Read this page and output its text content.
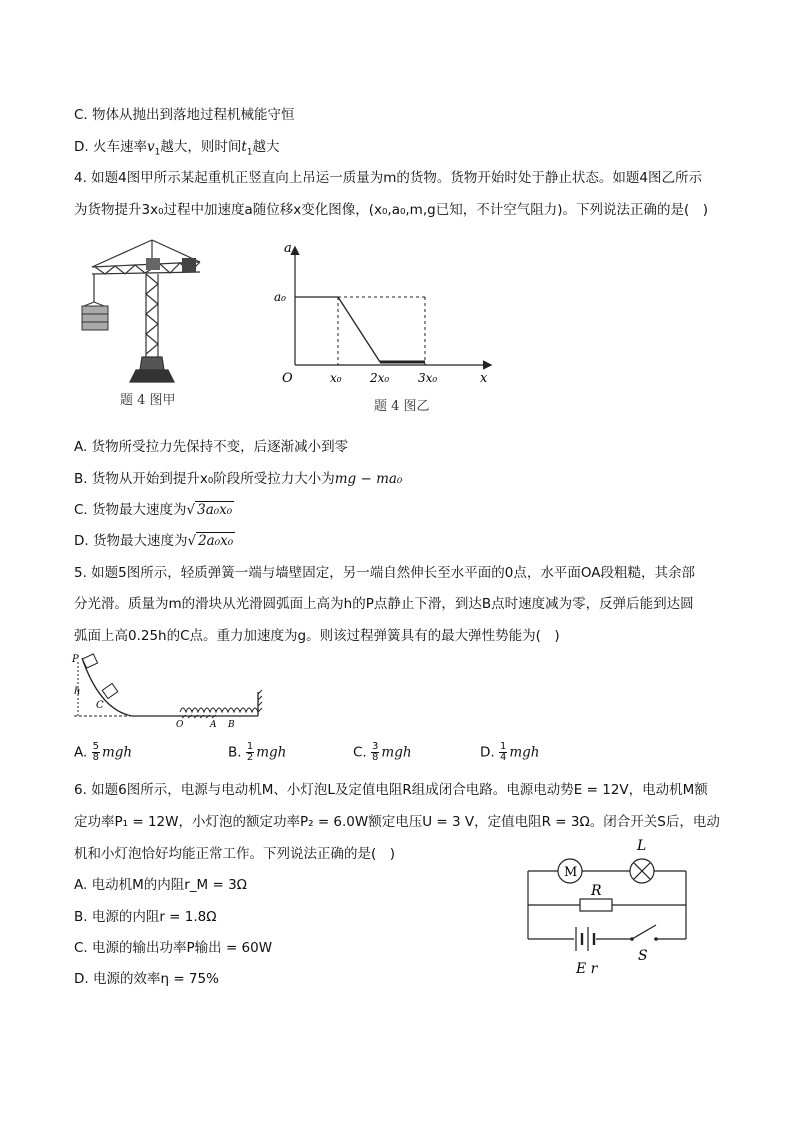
C. 物体从抛出到落地过程机械能守恒
D. 火车速率$v_1$越大，则时间$t_1$越大
4. 如题4图甲所示某起重机正竖直向上吊运一质量为m的货物。货物开始时处于静止状态。如题4图乙所示
为货物提升3x₀过程中加速度a随位移x变化图像，(x₀,a₀,m,g已知，不计空气阻力)。下列说法正确的是(　)
题 4 图甲
a
x
O
a₀
x₀ 2x₀ 3x₀
题 4 图乙
A. 货物所受拉力先保持不变，后逐渐减小到零
B. 货物从开始到提升x₀阶段所受拉力大小为mg − ma₀
C. 货物最大速度为√ 3a₀x₀
D. 货物最大速度为√ 2a₀x₀
5. 如题5图所示，轻质弹簧一端与墙壁固定，另一端自然伸长至水平面的0点，水平面OA段粗糙，其余部
分光滑。质量为m的滑块从光滑圆弧面上高为h的P点静止下滑，到达B点时速度减为零，反弹后能到达圆
弧面上高0.25h的C点。重力加速度为g。则该过程弹簧具有的最大弹性势能为(　)
P
h
C
O	A B
A. $\frac{5}{8}$ mgh	B. $\frac{1}{2}$ mgh	C. $\frac{3}{8}$ mgh	D. $\frac{1}{4}$ mgh
6. 如题6图所示，电源与电动机M、小灯泡L及定值电阻R组成闭合电路。电源电动势E = 12V，电动机M额
定功率P₁ = 12W，小灯泡的额定功率P₂ = 6.0W额定电压U = 3 V，定值电阻R = 3Ω。闭合开关S后，电动
机和小灯泡恰好均能正常工作。下列说法正确的是(　)
A. 电动机M的内阻r_M = 3Ω
B. 电源的内阻r = 1.8Ω
C. 电源的输出功率P输出 = 60W
D. 电源的效率η = 75%
M
L
R
S
E r
